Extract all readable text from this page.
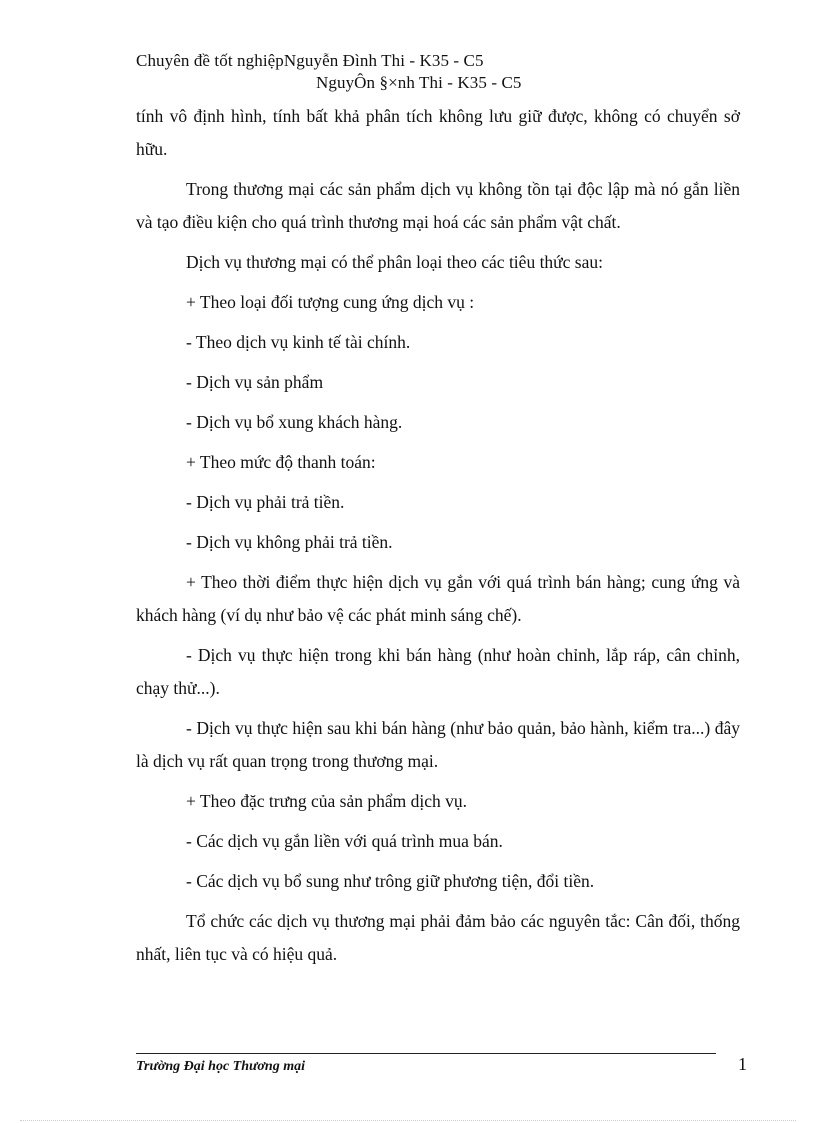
Chuyên đề tốt nghiệpNguyễn Đình Thi - K35 - C5
NguyÔn §×nh Thi - K35 - C5

tính vô định hình, tính bất khả phân tích không lưu giữ được, không có chuyển sở hữu.

Trong thương mại các sản phẩm dịch vụ không tồn tại độc lập mà nó gắn liền và tạo điều kiện cho quá trình thương mại hoá các sản phẩm vật chất.

Dịch vụ thương mại có thể phân loại theo các tiêu thức sau:

+ Theo loại đối tượng cung ứng dịch vụ :

- Theo dịch vụ kinh tế tài chính.

- Dịch vụ sản phẩm

- Dịch vụ bổ xung khách hàng.

+ Theo mức độ thanh toán:

- Dịch vụ phải trả tiền.

- Dịch vụ không phải trả tiền.

+ Theo thời điểm thực hiện dịch vụ gắn với quá trình bán hàng; cung ứng và khách hàng (ví dụ như bảo vệ các phát minh sáng chế).

- Dịch vụ thực hiện trong khi bán hàng (như hoàn chỉnh, lắp ráp, cân chỉnh, chạy thử...).

- Dịch vụ thực hiện sau khi bán hàng (như bảo quản, bảo hành, kiểm tra...) đây là dịch vụ rất quan trọng trong thương mại.

+ Theo đặc trưng của sản phẩm dịch vụ.

- Các dịch vụ gắn liền với quá trình mua bán.

- Các dịch vụ bổ sung như trông giữ phương tiện, đổi tiền.

Tổ chức các dịch vụ thương mại phải đảm bảo các nguyên tắc: Cân đối, thống nhất, liên tục và có hiệu quả.

Trường Đại học Thương mại	1
